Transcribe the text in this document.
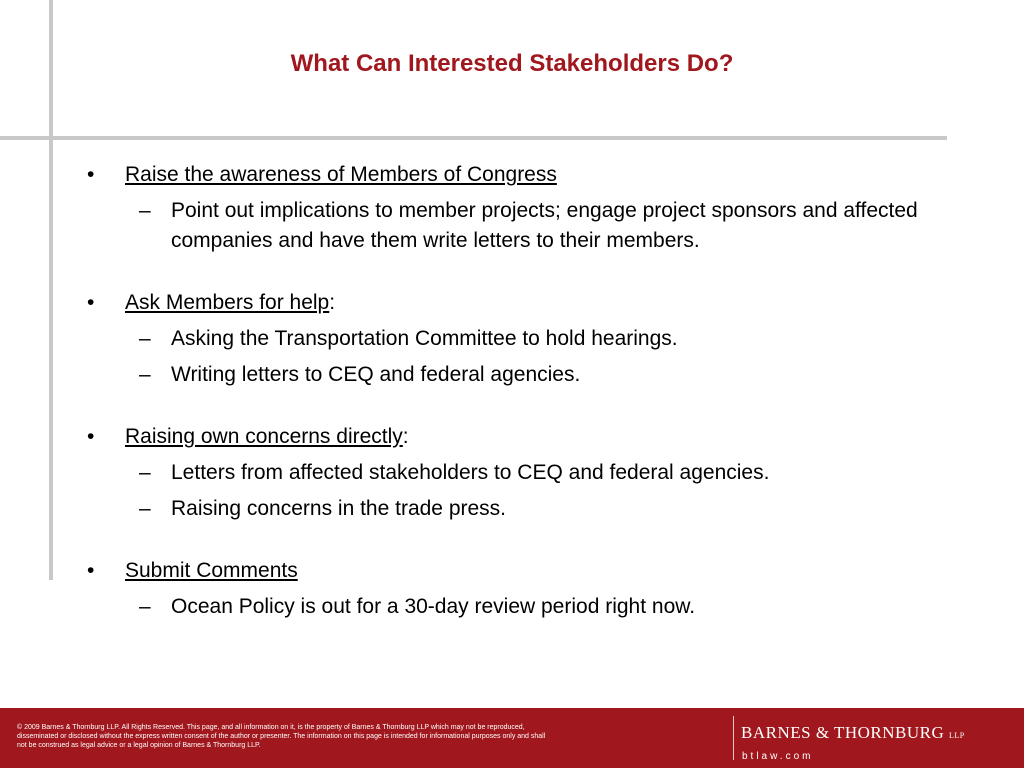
What Can Interested Stakeholders Do?
• Raise the awareness of Members of Congress
– Point out implications to member projects; engage project sponsors and affected companies and have them write letters to their members.
• Ask Members for help:
– Asking the Transportation Committee to hold hearings.
– Writing letters to CEQ and federal agencies.
• Raising own concerns directly:
– Letters from affected stakeholders to CEQ and federal agencies.
– Raising concerns in the trade press.
• Submit Comments
– Ocean Policy is out for a 30-day review period right now.
© 2009 Barnes & Thornburg LLP. All Rights Reserved. This page, and all information on it, is the property of Barnes & Thornburg LLP which may not be reproduced,
disseminated or disclosed without the express written consent of the author or presenter. The information on this page is intended for informational purposes only and shall
not be construed as legal advice or a legal opinion of Barnes & Thornburg LLP.
BARNES & THORNBURG LLP
btlaw.com
